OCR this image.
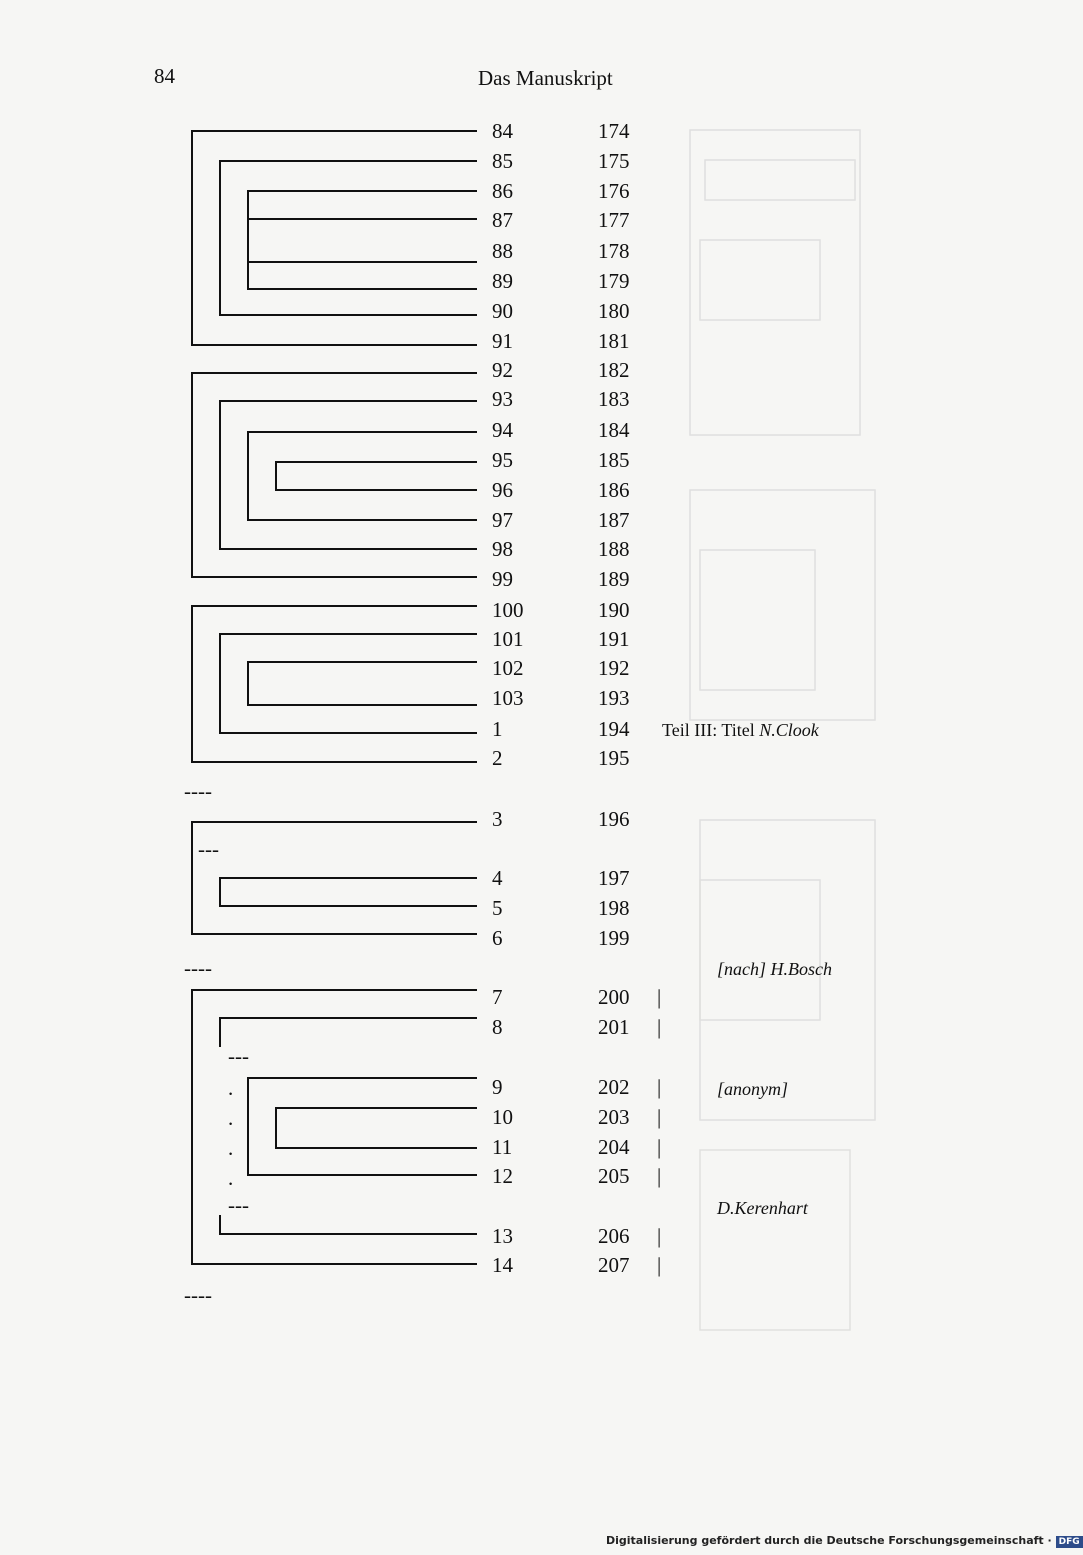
84	Das Manuskript
84
85
86
87
88
89
90
91
92
93
94
95
96
97
98
99
100
101
102
103
1
2
3
4
5
6
7
8
9
10
11
12
13
14
174
175
176
177
178
179
180
181
182
183
184
185
186
187
188
189
190
191
192
193
194
195
196
197
198
199
200
201
202
203
204
205
206
207
|
|
|
|
|
|
|
|
----
---
----
---
.
.
.
.
---
----
Teil III: Titel N.Clook
[nach] H.Bosch
[anonym]
D.Kerenhart
Digitalisierung gefördert durch die Deutsche Forschungsgemeinschaft · DFG
